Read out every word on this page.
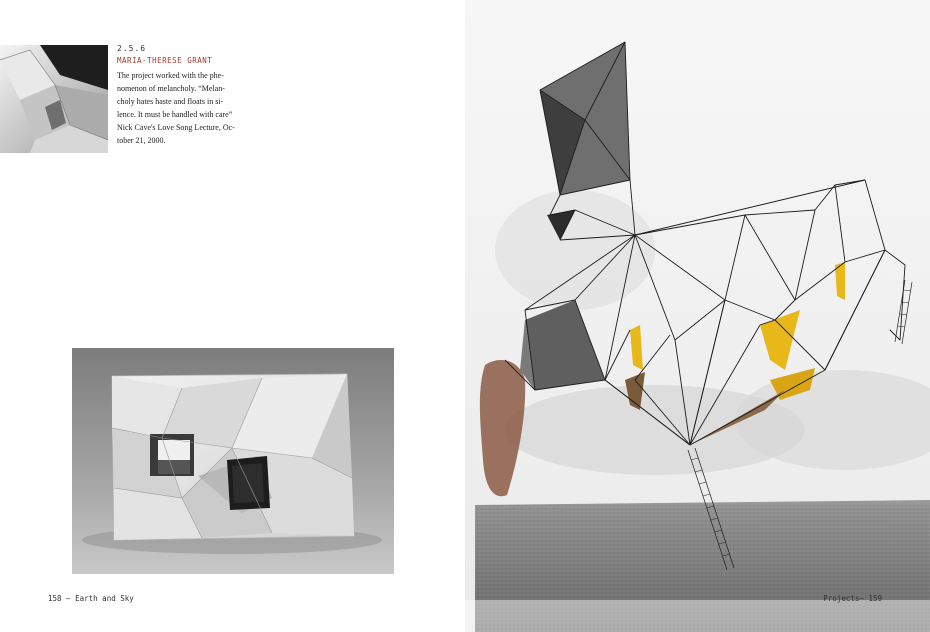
2.5.6

MARIA-THERESE GRANT

The project worked with the phe-
nomenon of melancholy. “Melan-
choly hates haste and floats in si-
lence. It must be handled with care”
Nick Cave's Love Song Lecture, Oc-
tober 21, 2000.

158 – Earth and Sky	Projects– 159
